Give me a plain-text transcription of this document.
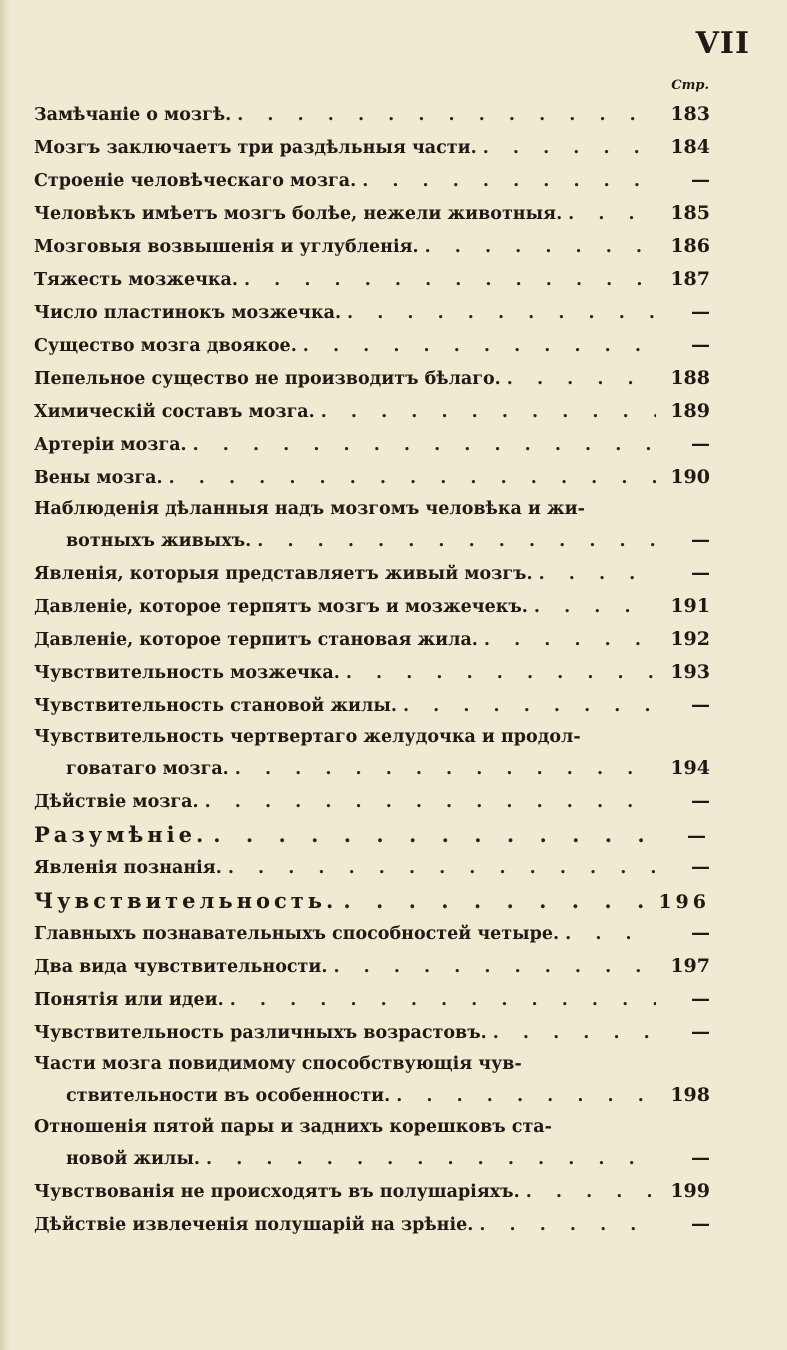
VII
Стр.
Замѣчаніе о мозгѣ. . . .	183
Мозгъ заключаетъ три раздѣльныя части. . . .	184
Строеніе человѣческаго мозга. . . .	—
Человѣкъ имѣетъ мозгъ болѣе, нежели животныя. . . .	185
Мозговыя возвышенія и углубленія. . . .	186
Тяжесть мозжечка. . . .	187
Число пластинокъ мозжечка. . . .	—
Существо мозга двоякое. . . .	—
Пепельное существо не производитъ бѣлаго. . . .	188
Химическій составъ мозга. . . .	189
Артеріи мозга. . . .	—
Вены мозга. . . .	190
Наблюденія дѣланныя надъ мозгомъ человѣка и жи-
вотныхъ живыхъ. . . .	—
Явленія, которыя представляетъ живый мозгъ. . . .	—
Давленіе, которое терпятъ мозгъ и мозжечекъ. . . .	191
Давленіе, которое терпитъ становая жила. . . .	192
Чувствительность мозжечка. . . .	193
Чувствительность становой жилы. . . .	—
Чувствительность чертвертаго желудочка и продол-
говатаго мозга. . . .	194
Дѣйствіе мозга. . . .	—
Разумѣніе. . . .	—
Явленія познанія. . . .	—
Чувствительность. . . .	196
Главныхъ познавательныхъ способностей четыре. . . .	—
Два вида чувствительности. . . .	197
Понятія или идеи. . . .	—
Чувствительность различныхъ возрастовъ. . . .	—
Части мозга повидимому способствующія чув-
ствительности въ особенности. . . .	198
Отношенія пятой пары и заднихъ корешковъ ста-
новой жилы. . . .	—
Чувствованія не происходятъ въ полушаріяхъ. . . .	199
Дѣйствіе извлеченія полушарій на зрѣніе. . . .	—
